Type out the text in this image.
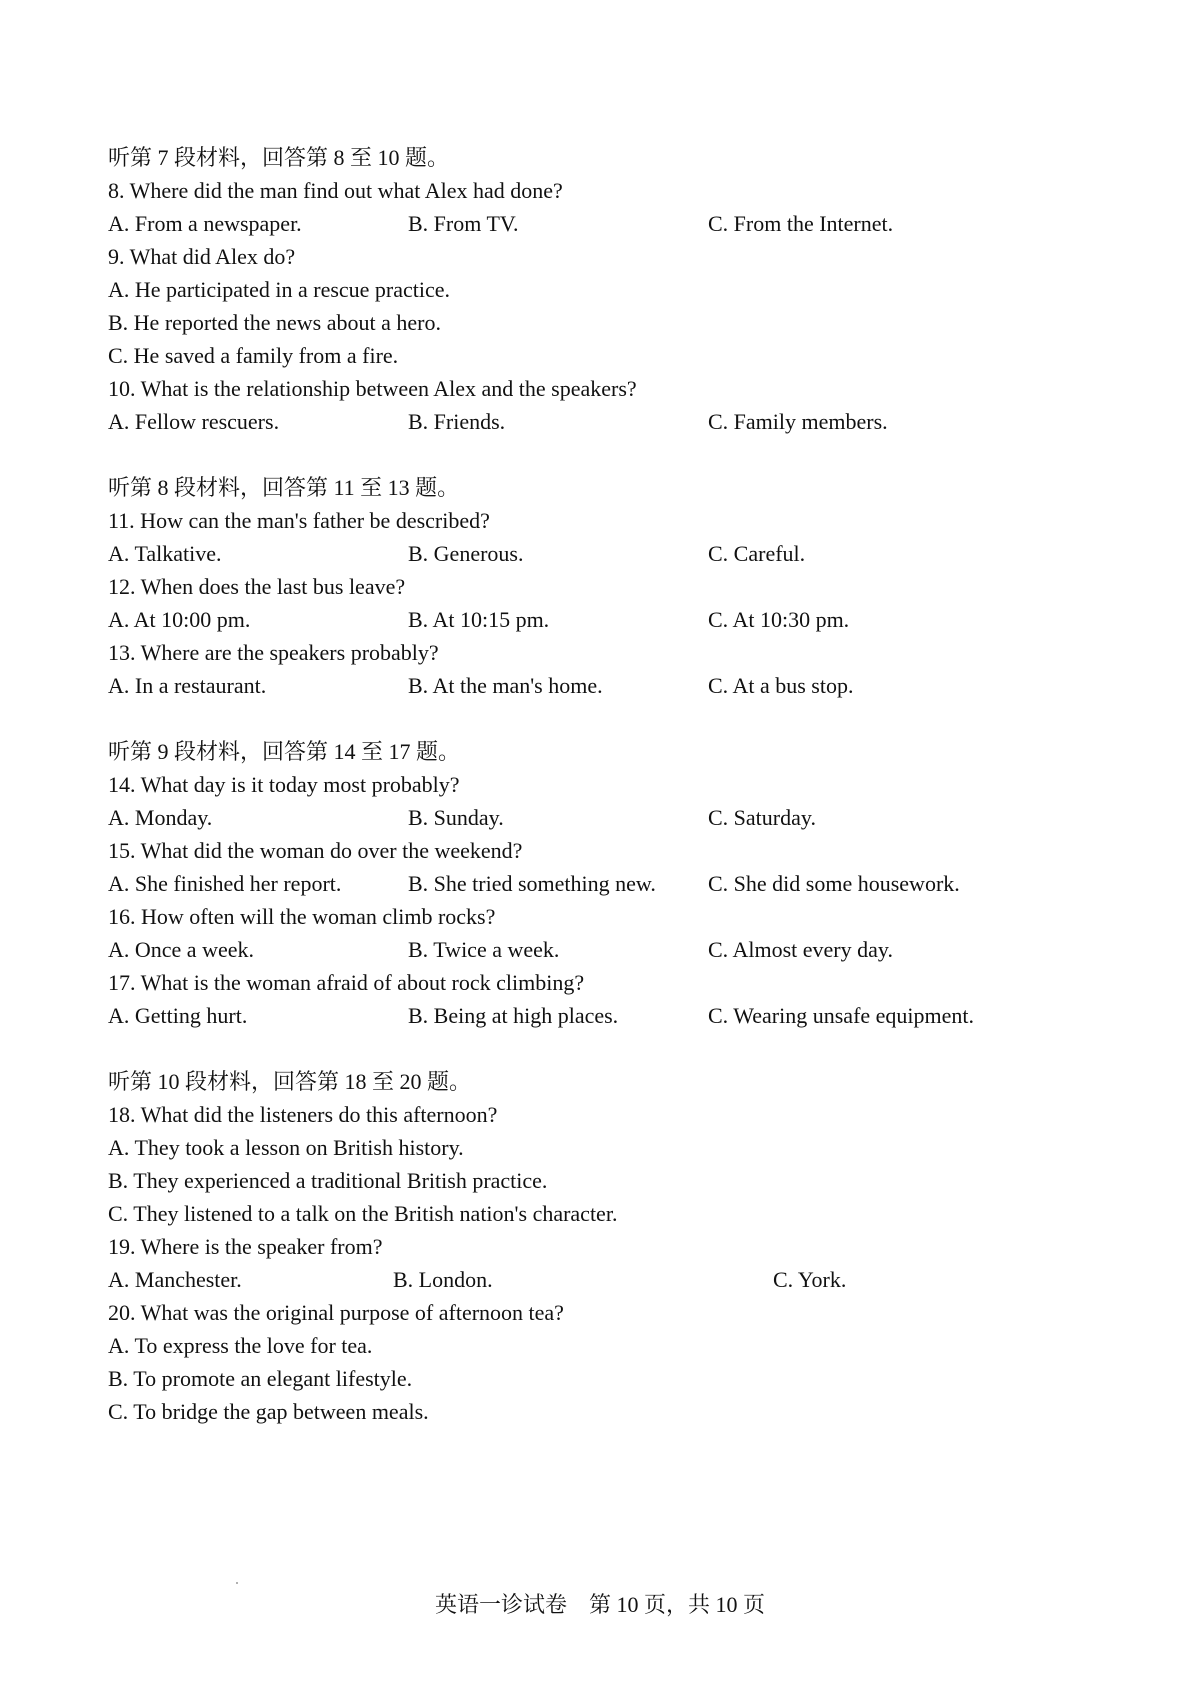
听第 7 段材料，回答第 8 至 10 题。
8. Where did the man find out what Alex had done?
A. From a newspaper.	B. From TV.	C. From the Internet.
9. What did Alex do?
A. He participated in a rescue practice.
B. He reported the news about a hero.
C. He saved a family from a fire.
10. What is the relationship between Alex and the speakers?
A. Fellow rescuers.	B. Friends.	C. Family members.
听第 8 段材料，回答第 11 至 13 题。
11. How can the man's father be described?
A. Talkative.	B. Generous.	C. Careful.
12. When does the last bus leave?
A. At 10:00 pm.	B. At 10:15 pm.	C. At 10:30 pm.
13. Where are the speakers probably?
A. In a restaurant.	B. At the man's home.	C. At a bus stop.
听第 9 段材料，回答第 14 至 17 题。
14. What day is it today most probably?
A. Monday.	B. Sunday.	C. Saturday.
15. What did the woman do over the weekend?
A. She finished her report.	B. She tried something new. C. She did some housework.
16. How often will the woman climb rocks?
A. Once a week.	B. Twice a week.	C. Almost every day.
17. What is the woman afraid of about rock climbing?
A. Getting hurt.	B. Being at high places.	C. Wearing unsafe equipment.
听第 10 段材料，回答第 18 至 20 题。
18. What did the listeners do this afternoon?
A. They took a lesson on British history.
B. They experienced a traditional British practice.
C. They listened to a talk on the British nation's character.
19. Where is the speaker from?
A. Manchester.	B. London.	C. York.
20. What was the original purpose of afternoon tea?
A. To express the love for tea.
B. To promote an elegant lifestyle.
C. To bridge the gap between meals.
英语一诊试卷 第 10 页，共 10 页
